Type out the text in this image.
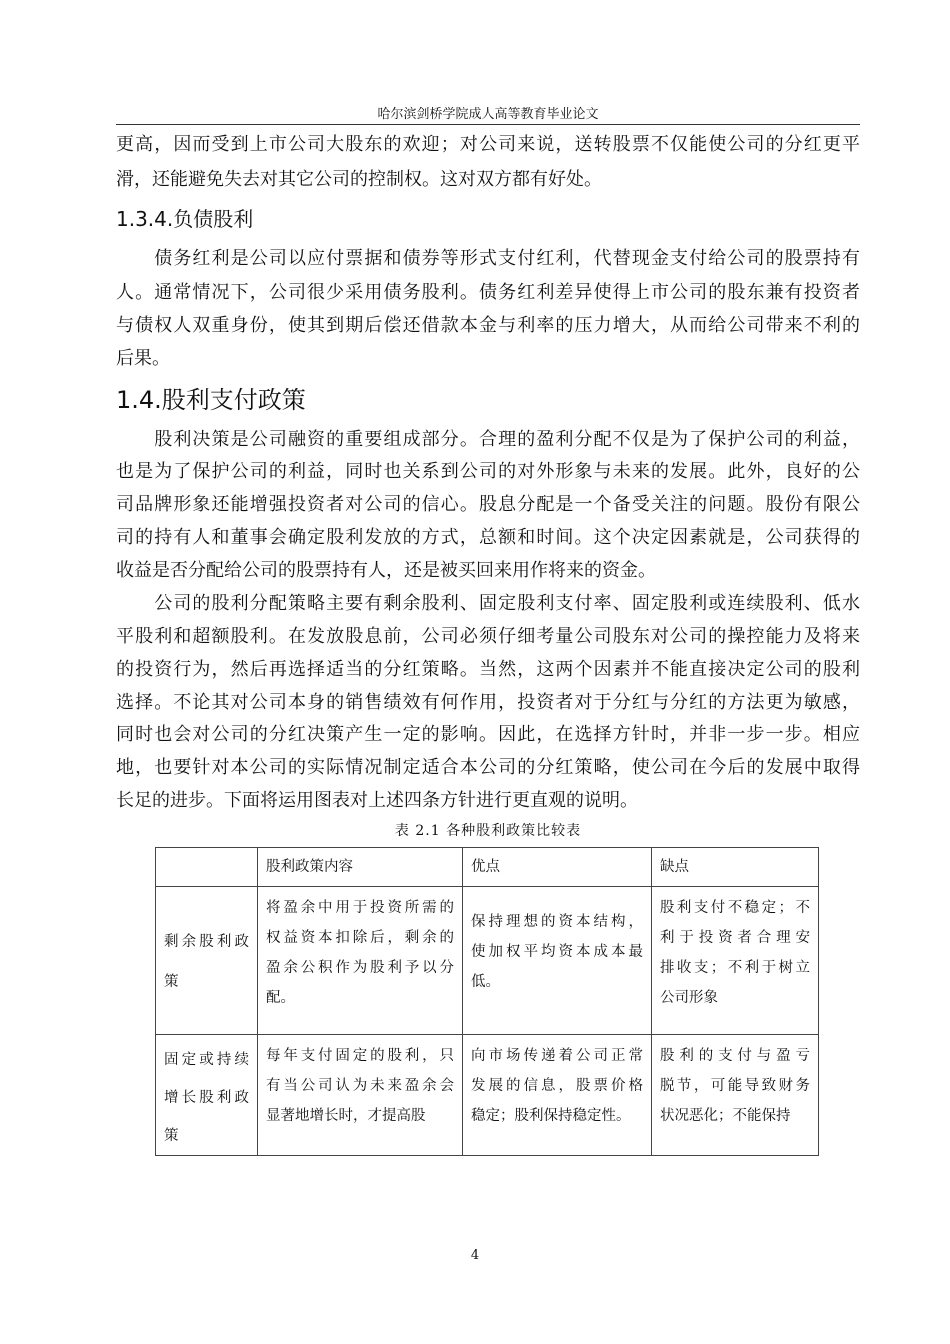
哈尔滨剑桥学院成人高等教育毕业论文
更高，因而受到上市公司大股东的欢迎；对公司来说，送转股票不仅能使公司的分红更平
滑，还能避免失去对其它公司的控制权。这对双方都有好处。
1.3.4.负债股利
　　债务红利是公司以应付票据和债券等形式支付红利，代替现金支付给公司的股票持有
人。通常情况下，公司很少采用债务股利。债务红利差异使得上市公司的股东兼有投资者
与债权人双重身份，使其到期后偿还借款本金与利率的压力增大，从而给公司带来不利的
后果。
1.4.股利支付政策
　　股利决策是公司融资的重要组成部分。合理的盈利分配不仅是为了保护公司的利益，
也是为了保护公司的利益，同时也关系到公司的对外形象与未来的发展。此外，良好的公
司品牌形象还能增强投资者对公司的信心。股息分配是一个备受关注的问题。股份有限公
司的持有人和董事会确定股利发放的方式，总额和时间。这个决定因素就是，公司获得的
收益是否分配给公司的股票持有人，还是被买回来用作将来的资金。
　　公司的股利分配策略主要有剩余股利、固定股利支付率、固定股利或连续股利、低水
平股利和超额股利。在发放股息前，公司必须仔细考量公司股东对公司的操控能力及将来
的投资行为，然后再选择适当的分红策略。当然，这两个因素并不能直接决定公司的股利
选择。不论其对公司本身的销售绩效有何作用，投资者对于分红与分红的方法更为敏感，
同时也会对公司的分红决策产生一定的影响。因此，在选择方针时，并非一步一步。相应
地，也要针对本公司的实际情况制定适合本公司的分红策略，使公司在今后的发展中取得
长足的进步。下面将运用图表对上述四条方针进行更直观的说明。
表 2.1 各种股利政策比较表
	股利政策内容	优点	缺点

剩余股利政
策	将盈余中用于投资所需的
权益资本扣除后，剩余的
盈余公积作为股利予以分
配。	保持理想的资本结构，
使加权平均资本成本最
低。	股利支付不稳定；不
利于投资者合理安
排收支；不利于树立
公司形象

固定或持续
增长股利政
策	每年支付固定的股利，只
有当公司认为未来盈余会
显著地增长时，才提高股	向市场传递着公司正常
发展的信息，股票价格
稳定；股利保持稳定性。	股利的支付与盈亏
脱节，可能导致财务
状况恶化；不能保持
4
